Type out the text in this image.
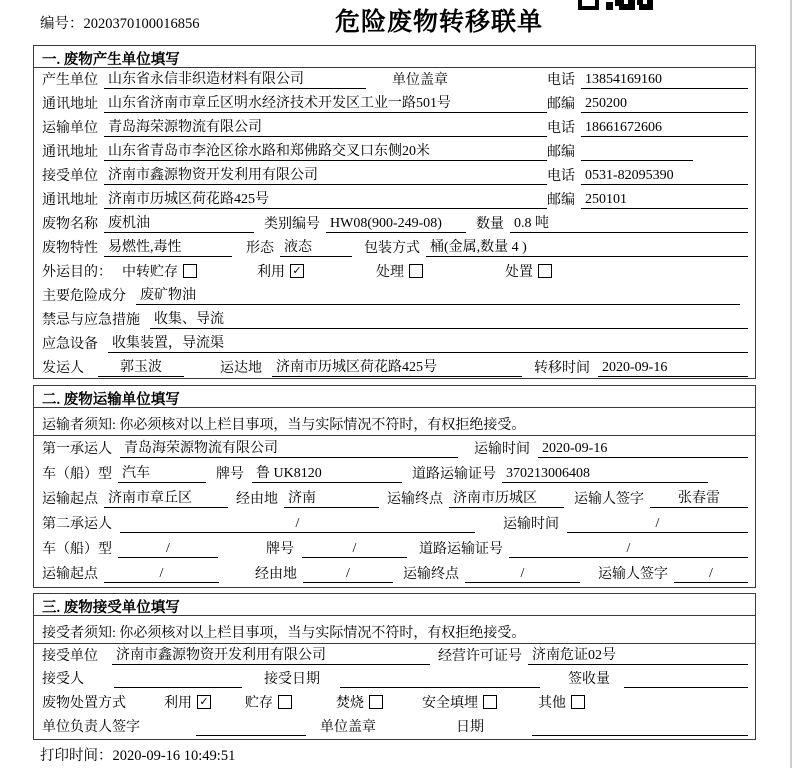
编号：2020370100016856	危险废物转移联单
一. 废物产生单位填写
产生单位 山东省永信非织造材料有限公司	单位盖章	电话 13854169160
通讯地址 山东省济南市章丘区明水经济技术开发区工业一路501号	邮编 250200
运输单位 青岛海荣源物流有限公司	电话 18661672606
通讯地址 山东省青岛市李沧区徐水路和郑佛路交叉口东侧20米	邮编
接受单位 济南市鑫源物资开发利用有限公司	电话 0531-82095390
通讯地址 济南市历城区荷花路425号	邮编 250101
废物名称 废机油	类别编号 HW08(900-249-08)	数量 0.8 吨
废物特性 易燃性,毒性	形态 液态	包装方式 桶(金属,数量 4 )
外运目的： 中转贮存	利用 ✓	处理	处置
主要危险成分 废矿物油
禁忌与应急措施 收集、导流
应急设备 收集装置，导流渠
发运人	郭玉波	运达地 济南市历城区荷花路425号	转移时间 2020-09-16
二. 废物运输单位填写
运输者须知: 你必须核对以上栏目事项，当与实际情况不符时，有权拒绝接受。
第一承运人 青岛海荣源物流有限公司	运输时间 2020-09-16
车（船）型 汽车	牌号 鲁 UK8120	道路运输证号 370213006408
运输起点 济南市章丘区	经由地 济南	运输终点 济南市历城区	运输人签字	张春雷
第二承运人	/	运输时间	/
车（船）型	/	牌号	/	道路运输证号	/
运输起点	/	经由地	/	运输终点	/	运输人签字	/
三. 废物接受单位填写
接受者须知: 你必须核对以上栏目事项，当与实际情况不符时，有权拒绝接受。
接受单位 济南市鑫源物资开发利用有限公司	经营许可证号 济南危证02号
接受人	接受日期	签收量
废物处置方式	利用 ✓	贮存	焚烧	安全填埋	其他
单位负责人签字	单位盖章	日期
打印时间：2020-09-16 10:49:51
